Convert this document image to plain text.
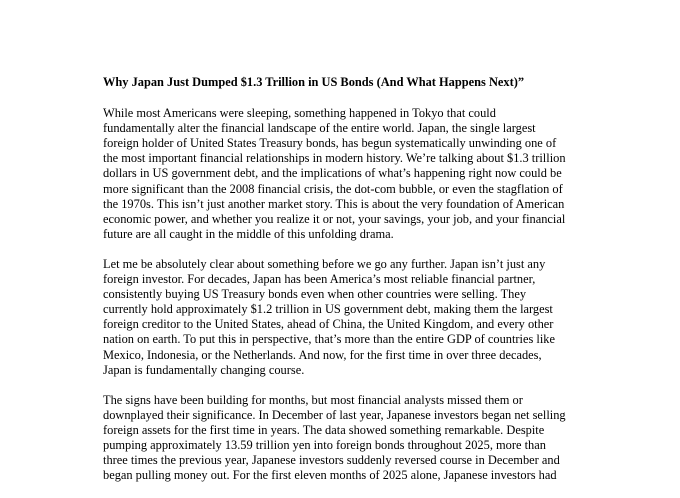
Why Japan Just Dumped $1.3 Trillion in US Bonds (And What Happens Next)”
While most Americans were sleeping, something happened in Tokyo that could
fundamentally alter the financial landscape of the entire world. Japan, the single largest
foreign holder of United States Treasury bonds, has begun systematically unwinding one of
the most important financial relationships in modern history. We’re talking about $1.3 trillion
dollars in US government debt, and the implications of what’s happening right now could be
more significant than the 2008 financial crisis, the dot-com bubble, or even the stagflation of
the 1970s. This isn’t just another market story. This is about the very foundation of American
economic power, and whether you realize it or not, your savings, your job, and your financial
future are all caught in the middle of this unfolding drama.
Let me be absolutely clear about something before we go any further. Japan isn’t just any
foreign investor. For decades, Japan has been America’s most reliable financial partner,
consistently buying US Treasury bonds even when other countries were selling. They
currently hold approximately $1.2 trillion in US government debt, making them the largest
foreign creditor to the United States, ahead of China, the United Kingdom, and every other
nation on earth. To put this in perspective, that’s more than the entire GDP of countries like
Mexico, Indonesia, or the Netherlands. And now, for the first time in over three decades,
Japan is fundamentally changing course.
The signs have been building for months, but most financial analysts missed them or
downplayed their significance. In December of last year, Japanese investors began net selling
foreign assets for the first time in years. The data showed something remarkable. Despite
pumping approximately 13.59 trillion yen into foreign bonds throughout 2025, more than
three times the previous year, Japanese investors suddenly reversed course in December and
began pulling money out. For the first eleven months of 2025 alone, Japanese investors had
